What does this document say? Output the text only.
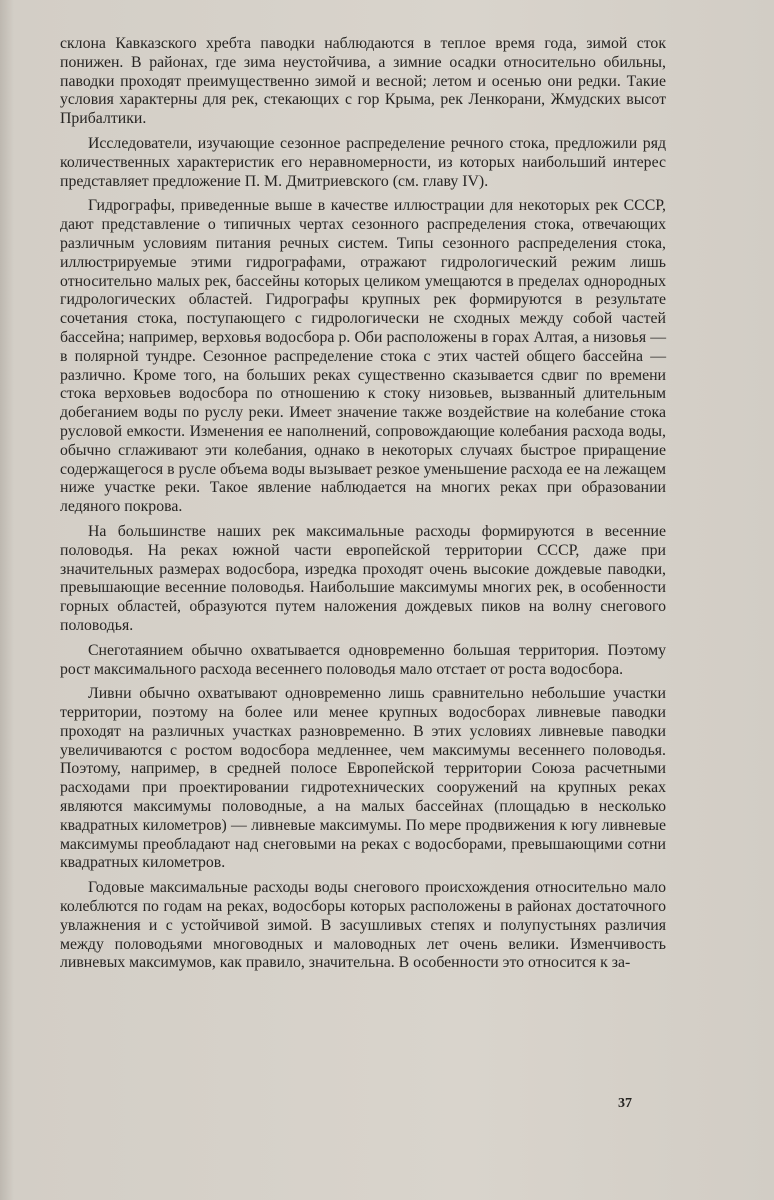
склона Кавказского хребта паводки наблюдаются в теплое время года, зимой сток понижен. В районах, где зима неустойчива, а зимние осадки относительно обильны, паводки проходят преимущественно зимой и весной; летом и осенью они редки. Такие условия характерны для рек, стекающих с гор Крыма, рек Ленкорани, Жмудских высот Прибалтики.

Исследователи, изучающие сезонное распределение речного стока, предложили ряд количественных характеристик его неравномерности, из которых наибольший интерес представляет предложение П. М. Дмитриевского (см. главу IV).

Гидрографы, приведенные выше в качестве иллюстрации для некоторых рек СССР, дают представление о типичных чертах сезонного распределения стока, отвечающих различным условиям питания речных систем. Типы сезонного распределения стока, иллюстрируемые этими гидрографами, отражают гидрологический режим лишь относительно малых рек, бассейны которых целиком умещаются в пределах однородных гидрологических областей. Гидрографы крупных рек формируются в результате сочетания стока, поступающего с гидрологически не сходных между собой частей бассейна; например, верховья водосбора р. Оби расположены в горах Алтая, а низовья — в полярной тундре. Сезонное распределение стока с этих частей общего бассейна — различно. Кроме того, на больших реках существенно сказывается сдвиг по времени стока верховьев водосбора по отношению к стоку низовьев, вызванный длительным добеганием воды по руслу реки. Имеет значение также воздействие на колебание стока русловой емкости. Изменения ее наполнений, сопровождающие колебания расхода воды, обычно сглаживают эти колебания, однако в некоторых случаях быстрое приращение содержащегося в русле объема воды вызывает резкое уменьшение расхода ее на лежащем ниже участке реки. Такое явление наблюдается на многих реках при образовании ледяного покрова.

На большинстве наших рек максимальные расходы формируются в весенние половодья. На реках южной части европейской территории СССР, даже при значительных размерах водосбора, изредка проходят очень высокие дождевые паводки, превышающие весенние половодья. Наибольшие максимумы многих рек, в особенности горных областей, образуются путем наложения дождевых пиков на волну снегового половодья.

Снеготаянием обычно охватывается одновременно большая территория. Поэтому рост максимального расхода весеннего половодья мало отстает от роста водосбора.

Ливни обычно охватывают одновременно лишь сравнительно небольшие участки территории, поэтому на более или менее крупных водосборах ливневые паводки проходят на различных участках разновременно. В этих условиях ливневые паводки увеличиваются с ростом водосбора медленнее, чем максимумы весеннего половодья. Поэтому, например, в средней полосе Европейской территории Союза расчетными расходами при проектировании гидротехнических сооружений на крупных реках являются максимумы половодные, а на малых бассейнах (площадью в несколько квадратных километров) — ливневые максимумы. По мере продвижения к югу ливневые максимумы преобладают над снеговыми на реках с водосборами, превышающими сотни квадратных километров.

Годовые максимальные расходы воды снегового происхождения относительно мало колеблются по годам на реках, водосборы которых расположены в районах достаточного увлажнения и с устойчивой зимой. В засушливых степях и полупустынях различия между половодьями многоводных и маловодных лет очень велики. Изменчивость ливневых максимумов, как правило, значительна. В особенности это относится к за-

37
